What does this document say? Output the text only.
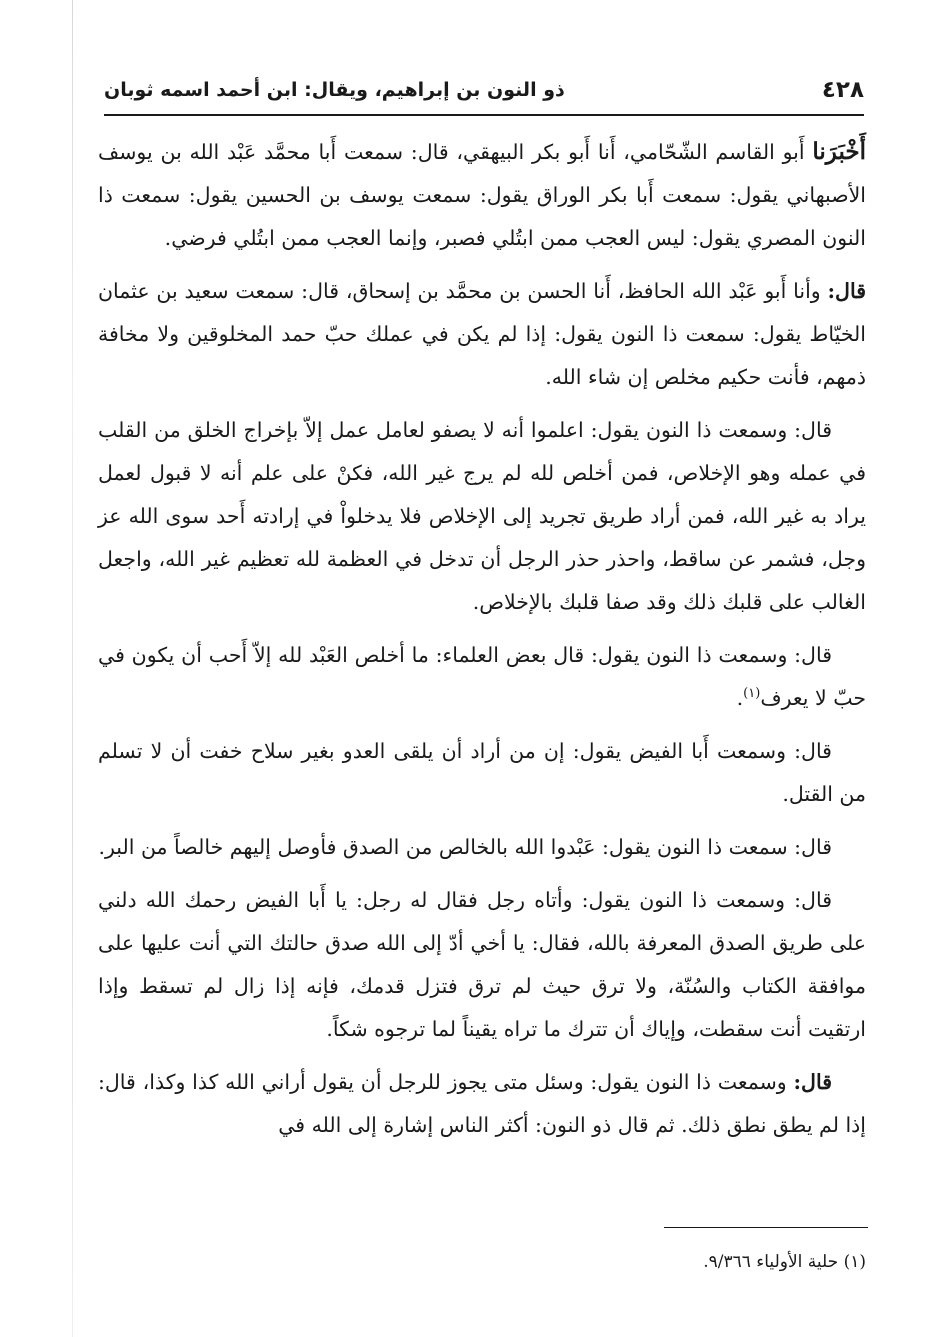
٤٢٨
ذو النون بن إبراهيم، ويقال: ابن أحمد اسمه ثوبان

أَخْبَرَنا أَبو القاسم الشّحّامي، أَنا أَبو بكر البيهقي، قال: سمعت أَبا محمَّد عَبْد الله بن يوسف الأصبهاني يقول: سمعت أَبا بكر الوراق يقول: سمعت يوسف بن الحسين يقول: سمعت ذا النون المصري يقول: ليس العجب ممن ابتُلي فصبر، وإنما العجب ممن ابتُلي فرضي.

قال: وأنا أَبو عَبْد الله الحافظ، أَنا الحسن بن محمَّد بن إسحاق، قال: سمعت سعيد بن عثمان الخيّاط يقول: سمعت ذا النون يقول: إذا لم يكن في عملك حبّ حمد المخلوقين ولا مخافة ذمهم، فأنت حكيم مخلص إن شاء الله.

قال: وسمعت ذا النون يقول: اعلموا أنه لا يصفو لعامل عمل إلاّ بإخراج الخلق من القلب في عمله وهو الإخلاص، فمن أخلص لله لم يرج غير الله، فكنْ على علم أنه لا قبول لعمل يراد به غير الله، فمن أراد طريق تجريد إلى الإخلاص فلا يدخلواْ في إرادته أَحد سوى الله عز وجل، فشمر عن ساقط، واحذر حذر الرجل أن تدخل في العظمة لله تعظيم غير الله، واجعل الغالب على قلبك ذلك وقد صفا قلبك بالإخلاص.

قال: وسمعت ذا النون يقول: قال بعض العلماء: ما أخلص العَبْد لله إلاّ أَحب أن يكون في حبّ لا يعرف$^{(١)}$.

قال: وسمعت أَبا الفيض يقول: إن من أراد أن يلقى العدو بغير سلاح خفت أن لا تسلم من القتل.

قال: سمعت ذا النون يقول: عَبْدوا الله بالخالص من الصدق فأوصل إليهم خالصاً من البر.

قال: وسمعت ذا النون يقول: وأتاه رجل فقال له رجل: يا أَبا الفيض رحمك الله دلني على طريق الصدق المعرفة بالله، فقال: يا أخي أدّ إلى الله صدق حالتك التي أنت عليها على موافقة الكتاب والسُنّة، ولا ترق حيث لم ترق فتزل قدمك، فإنه إذا زال لم تسقط وإذا ارتقيت أنت سقطت، وإياك أن تترك ما تراه يقيناً لما ترجوه شكاً.

قال: وسمعت ذا النون يقول: وسئل متى يجوز للرجل أن يقول أراني الله كذا وكذا، قال: إذا لم يطق نطق ذلك. ثم قال ذو النون: أكثر الناس إشارة إلى الله في

(١) حلية الأولياء ٩/٣٦٦.
